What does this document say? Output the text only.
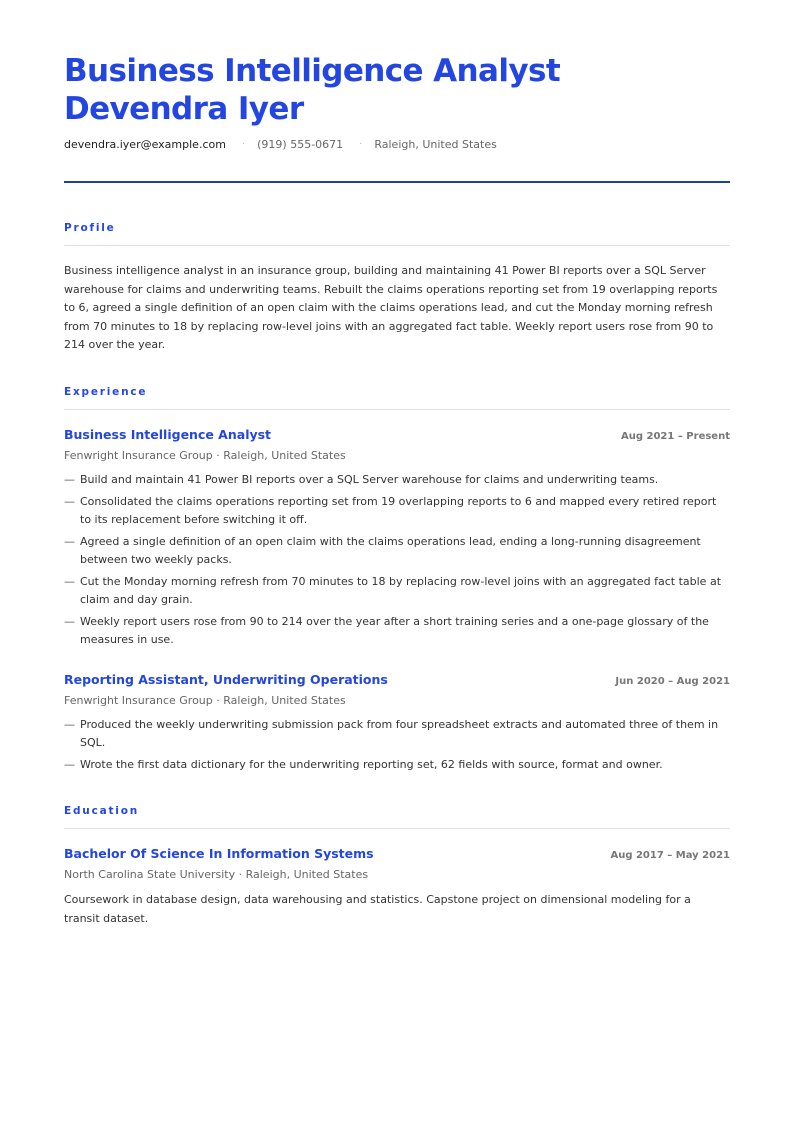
Business Intelligence Analyst Devendra Iyer
devendra.iyer@example.com · (919) 555-0671 · Raleigh, United States
Profile

Business intelligence analyst in an insurance group, building and maintaining 41 Power BI reports over a SQL Server warehouse for claims and underwriting teams. Rebuilt the claims operations reporting set from 19 overlapping reports to 6, agreed a single definition of an open claim with the claims operations lead, and cut the Monday morning refresh from 70 minutes to 18 by replacing row-level joins with an aggregated fact table. Weekly report users rose from 90 to 214 over the year.

Experience
Business Intelligence Analyst	Aug 2021 – Present
Fenwright Insurance Group · Raleigh, United States
— Build and maintain 41 Power BI reports over a SQL Server warehouse for claims and underwriting teams.
— Consolidated the claims operations reporting set from 19 overlapping reports to 6 and mapped every retired report to its replacement before switching it off.
— Agreed a single definition of an open claim with the claims operations lead, ending a long-running disagreement between two weekly packs.
— Cut the Monday morning refresh from 70 minutes to 18 by replacing row-level joins with an aggregated fact table at claim and day grain.
— Weekly report users rose from 90 to 214 over the year after a short training series and a one-page glossary of the measures in use.
Reporting Assistant, Underwriting Operations	Jun 2020 – Aug 2021
Fenwright Insurance Group · Raleigh, United States
— Produced the weekly underwriting submission pack from four spreadsheet extracts and automated three of them in SQL.
— Wrote the first data dictionary for the underwriting reporting set, 62 fields with source, format and owner.
Education
Bachelor Of Science In Information Systems	Aug 2017 – May 2021
North Carolina State University · Raleigh, United States

Coursework in database design, data warehousing and statistics. Capstone project on dimensional modeling for a transit dataset.
